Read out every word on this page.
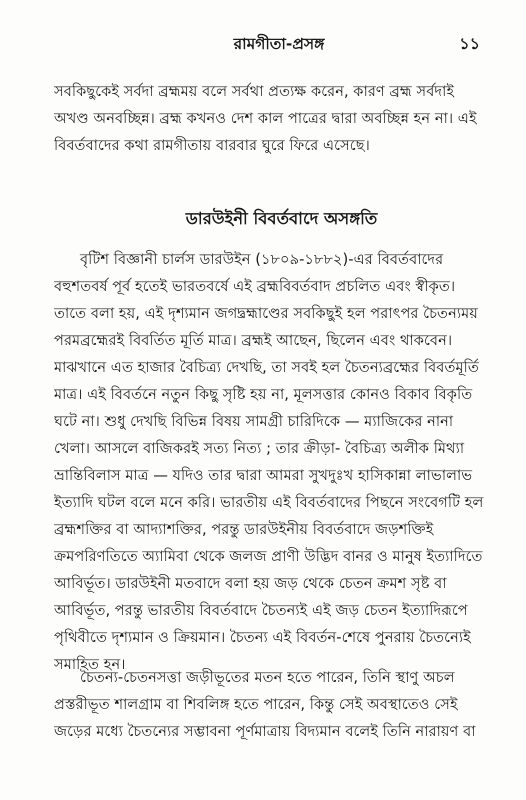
রামগীতা-প্রসঙ্গ	১১
সবকিছুকেই সর্বদা ব্রহ্মময় বলে সর্বথা প্রত্যক্ষ করেন, কারণ ব্রহ্ম সর্বদাই
অখণ্ড অনবচ্ছিন্ন। ব্রহ্ম কখনও দেশ কাল পাত্রের দ্বারা অবচ্ছিন্ন হন না। এই
বিবর্তবাদের কথা রামগীতায় বারবার ঘুরে ফিরে এসেছে।
ডারউইনী বিবর্তবাদে অসঙ্গতি
বৃটিশ বিজ্ঞানী চার্লস ডারউইন (১৮০৯-১৮৮২)-এর বিবর্তবাদের
বহুশতবর্ষ পূর্ব হতেই ভারতবর্ষে এই ব্রহ্মবিবর্তবাদ প্রচলিত এবং স্বীকৃত।
তাতে বলা হয়, এই দৃশ্যমান জগদ্ব্রহ্মাণ্ডের সবকিছুই হল পরাৎপর চৈতন্যময়
পরমব্রহ্মেরই বিবর্তিত মূর্তি মাত্র। ব্রহ্মই আছেন, ছিলেন এবং থাকবেন।
মাঝখানে এত হাজার বৈচিত্র্য দেখছি, তা সবই হল চৈতন্যব্রহ্মের বিবর্তমূর্তি
মাত্র। এই বিবর্তনে নতুন কিছু সৃষ্টি হয় না, মূলসত্তার কোনও বিকাব বিকৃতি
ঘটে না। শুধু দেখছি বিভিন্ন বিষয় সামগ্রী চারিদিকে — ম্যাজিকের নানা
খেলা। আসলে বাজিকরই সত্য নিত্য ; তার ক্রীড়া- বৈচিত্র্য অলীক মিথ্যা
ভ্রান্তিবিলাস মাত্র — যদিও তার দ্বারা আমরা সুখদুঃখ হাসিকান্না লাভালাভ
ইত্যাদি ঘটল বলে মনে করি। ভারতীয় এই বিবর্তবাদের পিছনে সংবেগটি হল
ব্রহ্মশক্তির বা আদ্যাশক্তির, পরন্তু ডারউইনীয় বিবর্তবাদে জড়শক্তিই
ক্রমপরিণতিতে অ্যামিবা থেকে জলজ প্রাণী উদ্ভিদ বানর ও মানুষ ইত্যাদিতে
আবির্ভূত। ডারউইনী মতবাদে বলা হয় জড় থেকে চেতন ক্রমশ সৃষ্ট বা
আবির্ভূত, পরন্তু ভারতীয় বিবর্তবাদে চৈতন্যই এই জড় চেতন ইত্যাদিরূপে
পৃথিবীতে দৃশ্যমান ও ক্রিয়মান। চৈতন্য এই বিবর্তন-শেষে পুনরায় চৈতন্যেই
সমাহিত হন।
চৈতন্য-চেতনসত্তা জড়ীভূতের মতন হতে পারেন, তিনি স্থাণু অচল
প্রস্তরীভূত শালগ্রাম বা শিবলিঙ্গ হতে পারেন, কিন্তু সেই অবস্থাতেও সেই
জড়ের মধ্যে চৈতন্যের সম্ভাবনা পূর্ণমাত্রায় বিদ্যমান বলেই তিনি নারায়ণ বা
